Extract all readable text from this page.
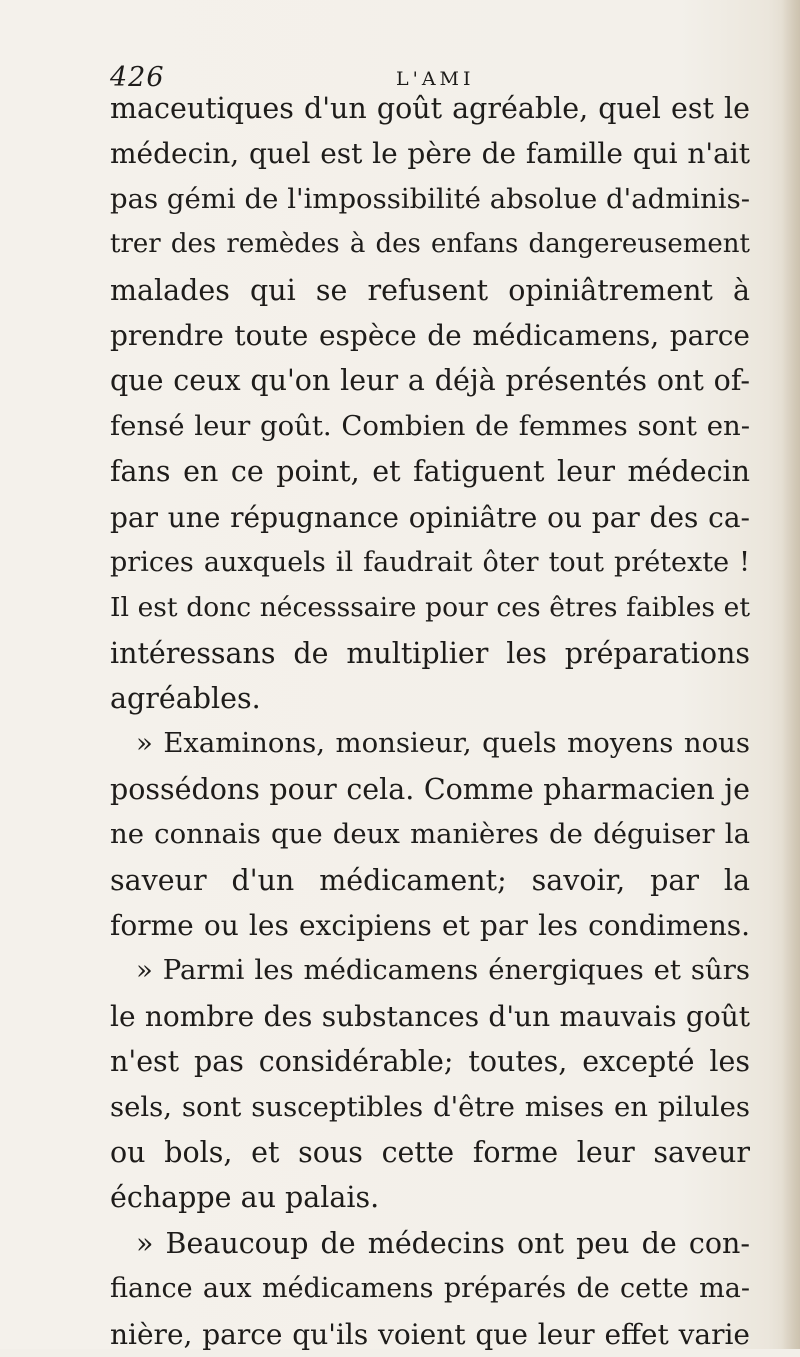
426	L'AMI
maceutiques d'un goût agréable, quel est le
médecin, quel est le père de famille qui n'ait
pas gémi de l'impossibilité absolue d'adminis-
trer des remèdes à des enfans dangereusement
malades qui se refusent opiniâtrement à
prendre toute espèce de médicamens, parce
que ceux qu'on leur a déjà présentés ont of-
fensé leur goût. Combien de femmes sont en-
fans en ce point, et fatiguent leur médecin
par une répugnance opiniâtre ou par des ca-
prices auxquels il faudrait ôter tout prétexte !
Il est donc nécesssaire pour ces êtres faibles et
intéressans de multiplier les préparations
agréables.
» Examinons, monsieur, quels moyens nous
possédons pour cela. Comme pharmacien je
ne connais que deux manières de déguiser la
saveur d'un médicament; savoir, par la
forme ou les excipiens et par les condimens.
» Parmi les médicamens énergiques et sûrs
le nombre des substances d'un mauvais goût
n'est pas considérable; toutes, excepté les
sels, sont susceptibles d'être mises en pilules
ou bols, et sous cette forme leur saveur
échappe au palais.
» Beaucoup de médecins ont peu de con-
fiance aux médicamens préparés de cette ma-
nière, parce qu'ils voient que leur effet varie
